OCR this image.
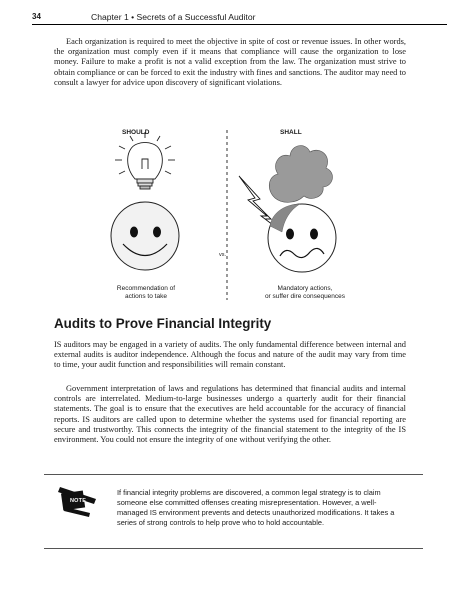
34	Chapter 1 • Secrets of a Successful Auditor

Each organization is required to meet the objective in spite of cost or revenue issues. In other words, the organization must comply even if it means that compliance will cause the organization to lose money. Failure to make a profit is not a valid exception from the law. The organization must strive to obtain compliance or can be forced to exit the industry with fines and sanctions. The auditor may need to consult a lawyer for advice upon discovery of significant violations.

SHOULD	SHALL
vs.
Recommendation of
actions to take
Mandatory actions,
or suffer dire consequences
Audits to Prove Financial Integrity

IS auditors may be engaged in a variety of audits. The only fundamental difference between internal and external audits is auditor independence. Although the focus and nature of the audit may vary from time to time, your audit function and responsibilities will remain constant.

Government interpretation of laws and regulations has determined that financial audits and internal controls are interrelated. Medium-to-large businesses undergo a quarterly audit for their financial statements. The goal is to ensure that the executives are held accountable for the accuracy of financial reports. IS auditors are called upon to determine whether the systems used for financial reporting are secure and trustworthy. This connects the integrity of the financial statement to the integrity of the IS environment. You could not ensure the integrity of one without verifying the other.

NOTE

If financial integrity problems are discovered, a common legal strategy is to claim someone else committed offenses creating misrepresentation. However, a well-managed IS environment prevents and detects unauthorized modifications. It takes a series of strong controls to help prove who to hold accountable.
